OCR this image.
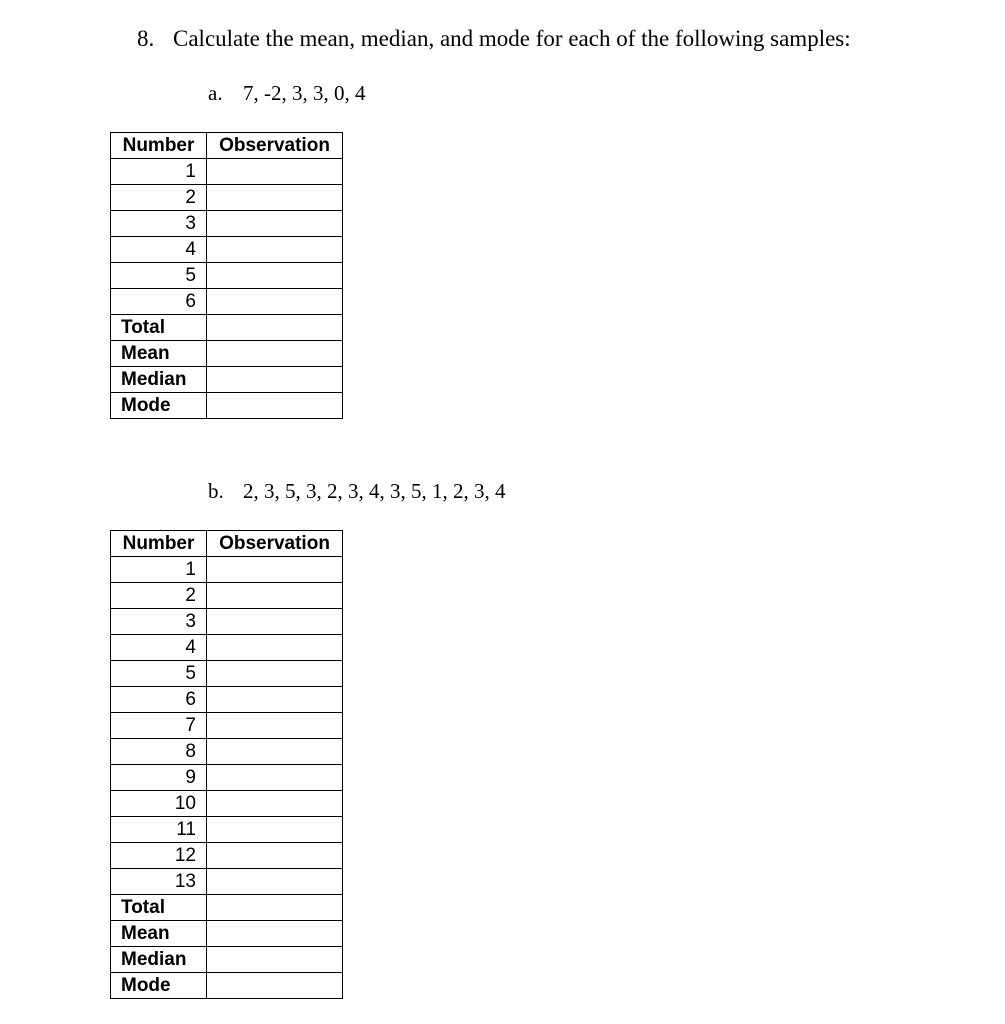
8. Calculate the mean, median, and mode for each of the following samples:
a. 7, -2, 3, 3, 0, 4
Number	Observation
1	
2	
3	
4	
5	
6	
Total	
Mean	
Median	
Mode	
b. 2, 3, 5, 3, 2, 3, 4, 3, 5, 1, 2, 3, 4
Number	Observation
1	
2	
3	
4	
5	
6	
7	
8	
9	
10	
11	
12	
13	
Total	
Mean	
Median	
Mode	
